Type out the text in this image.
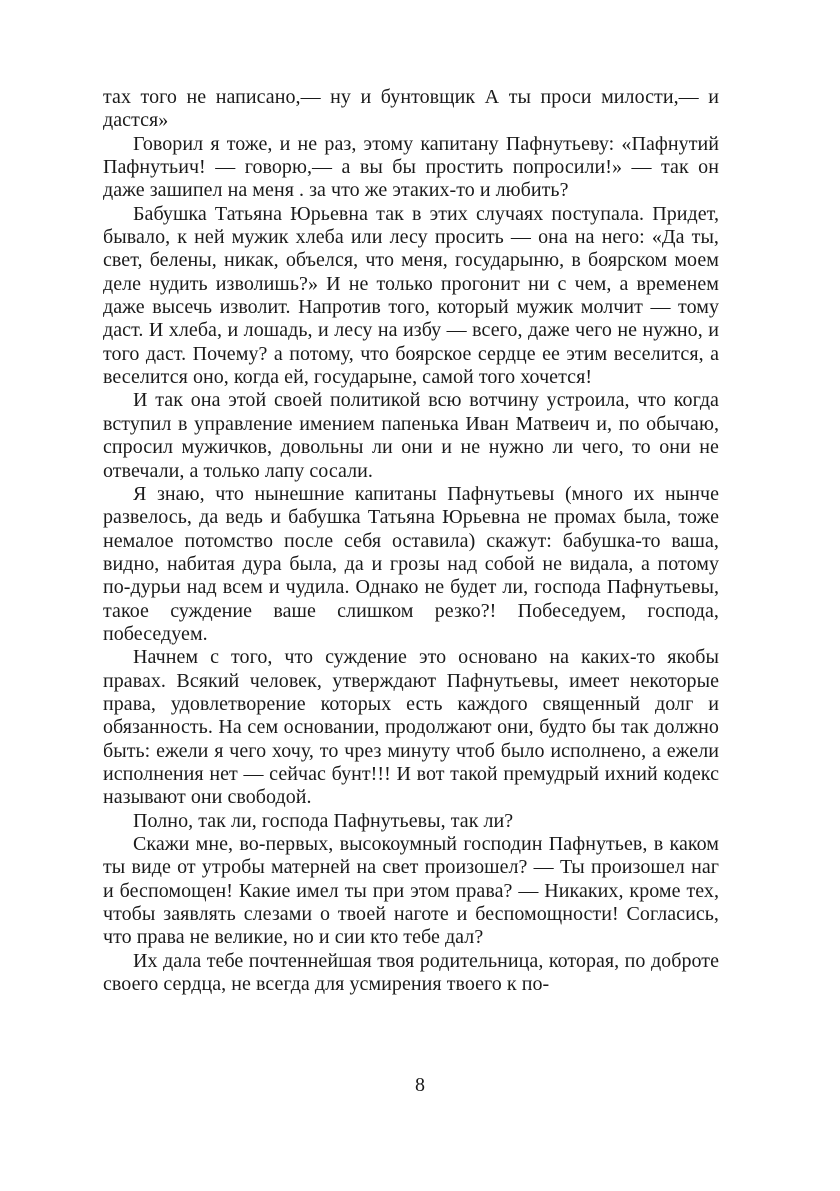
тах того не написано,— ну и бунтовщик А ты проси милости,— и дастся»

Говорил я тоже, и не раз, этому капитану Пафнутьеву: «Пафнутий Пафнутьич! — говорю,— а вы бы простить попросили!» — так он даже зашипел на меня . за что же этаких-то и любить?

Бабушка Татьяна Юрьевна так в этих случаях поступала. Придет, бывало, к ней мужик хлеба или лесу просить — она на него: «Да ты, свет, белены, никак, объелся, что меня, государыню, в боярском моем деле нудить изволишь?» И не только прогонит ни с чем, а временем даже высечь изволит. Напротив того, который мужик молчит — тому даст. И хлеба, и лошадь, и лесу на избу — всего, даже чего не нужно, и того даст. Почему? а потому, что боярское сердце ее этим веселится, а веселится оно, когда ей, государыне, самой того хочется!

И так она этой своей политикой всю вотчину устроила, что когда вступил в управление имением папенька Иван Матвеич и, по обычаю, спросил мужичков, довольны ли они и не нужно ли чего, то они не отвечали, а только лапу сосали.

Я знаю, что нынешние капитаны Пафнутьевы (много их нынче развелось, да ведь и бабушка Татьяна Юрьевна не промах была, тоже немалое потомство после себя оставила) скажут: бабушка-то ваша, видно, набитая дура была, да и грозы над собой не видала, а потому по-дурьи над всем и чудила. Однако не будет ли, господа Пафнутьевы, такое суждение ваше слишком резко?! Побеседуем, господа, побеседуем.

Начнем с того, что суждение это основано на каких-то якобы правах. Всякий человек, утверждают Пафнутьевы, имеет некоторые права, удовлетворение которых есть каждого священный долг и обязанность. На сем основании, продолжают они, будто бы так должно быть: ежели я чего хочу, то чрез минуту чтоб было исполнено, а ежели исполнения нет — сейчас бунт!!! И вот такой премудрый ихний кодекс называют они свободой.

Полно, так ли, господа Пафнутьевы, так ли?

Скажи мне, во-первых, высокоумный господин Пафнутьев, в каком ты виде от утробы матерней на свет произошел? — Ты произошел наг и беспомощен! Какие имел ты при этом права? — Никаких, кроме тех, чтобы заявлять слезами о твоей наготе и беспомощности! Согласись, что права не великие, но и сии кто тебе дал?

Их дала тебе почтеннейшая твоя родительница, которая, по доброте своего сердца, не всегда для усмирения твоего к по-

8
